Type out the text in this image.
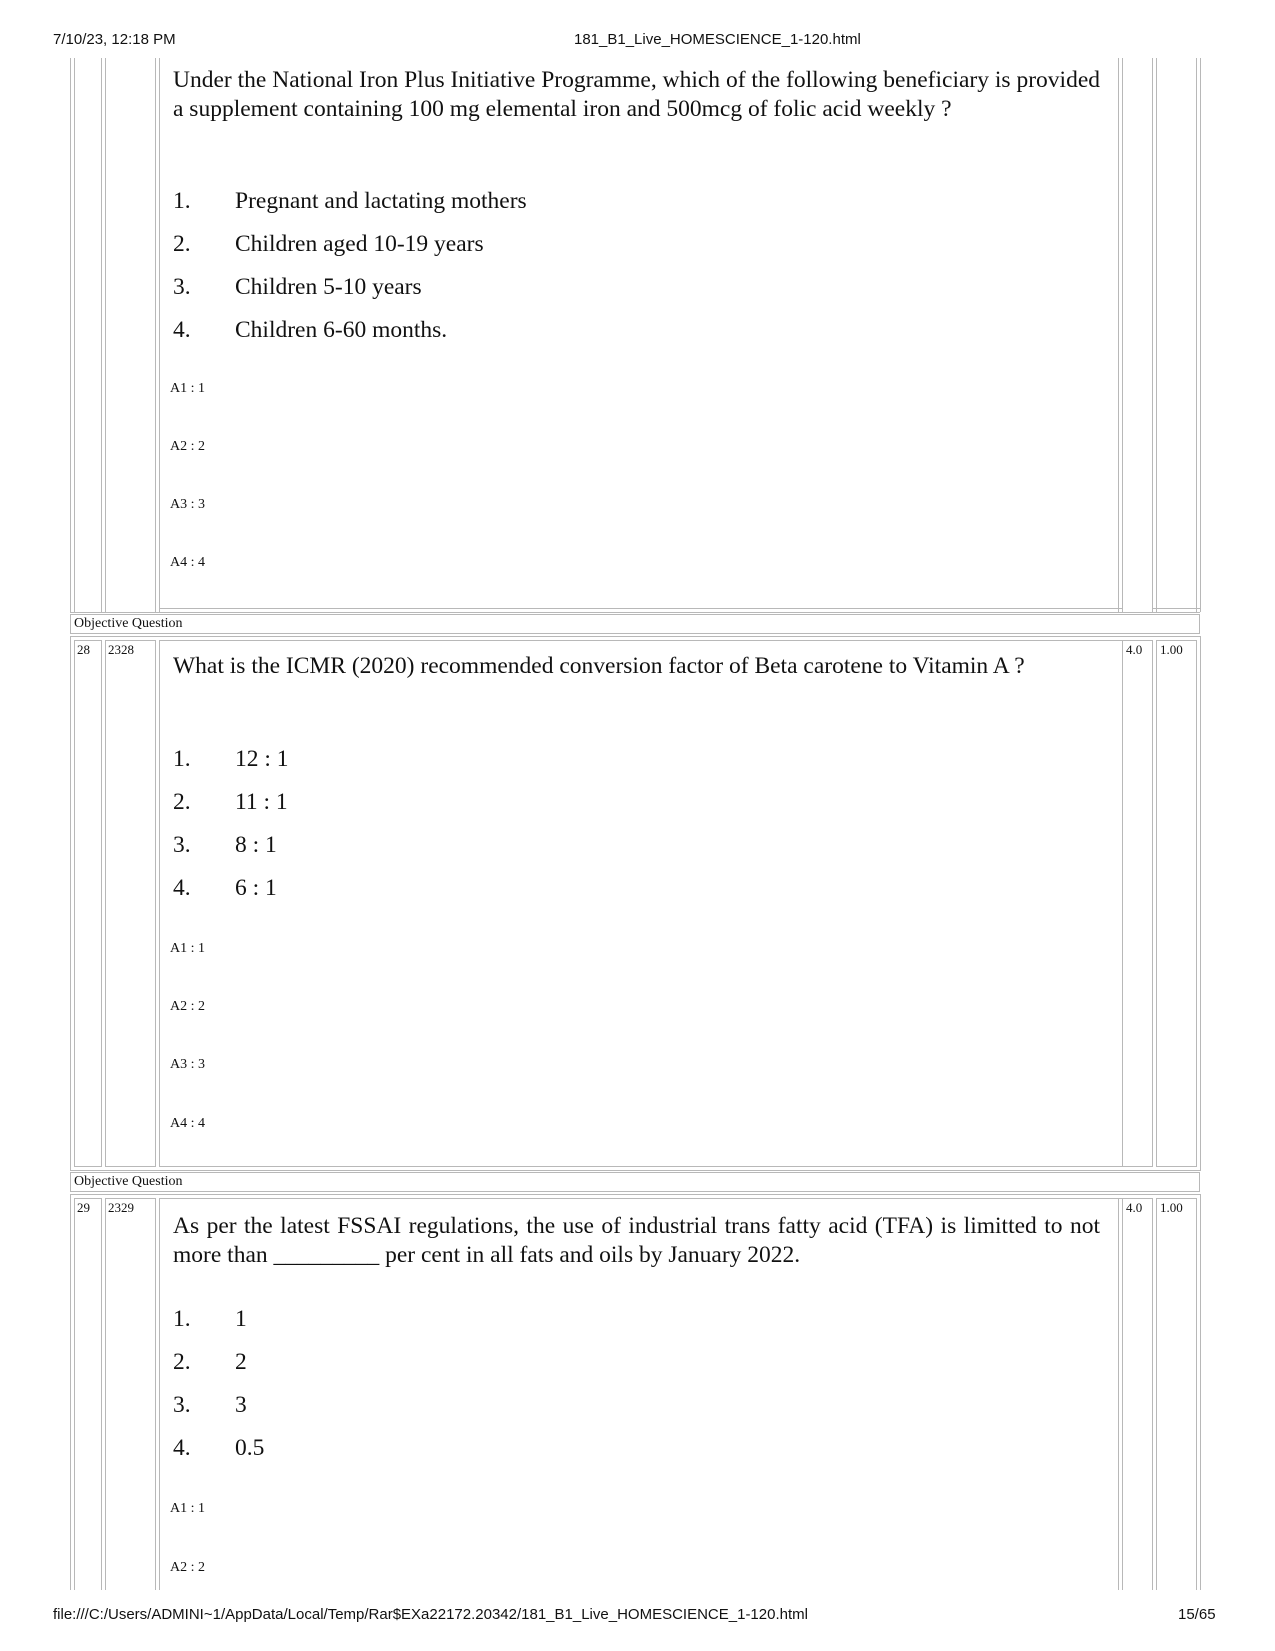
7/10/23, 12:18 PM	181_B1_Live_HOMESCIENCE_1-120.html
Under the National Iron Plus Initiative Programme, which of the following beneficiary is provided a supplement containing 100 mg elemental iron and 500mcg of folic acid weekly ?
1. Pregnant and lactating mothers
2. Children aged 10-19 years
3. Children 5-10 years
4. Children 6-60 months.
A1 : 1
A2 : 2
A3 : 3
A4 : 4
Objective Question
28 2328	4.0 1.00
What is the ICMR (2020) recommended conversion factor of Beta carotene to Vitamin A ?
1. 12 : 1
2. 11 : 1
3. 8 : 1
4. 6 : 1
A1 : 1
A2 : 2
A3 : 3
A4 : 4
Objective Question
29 2329	4.0 1.00
As per the latest FSSAI regulations, the use of industrial trans fatty acid (TFA) is limitted to not more than _________ per cent in all fats and oils by January 2022.
1. 1
2. 2
3. 3
4. 0.5
A1 : 1
A2 : 2
file:///C:/Users/ADMINI~1/AppData/Local/Temp/Rar$EXa22172.20342/181_B1_Live_HOMESCIENCE_1-120.html	15/65
